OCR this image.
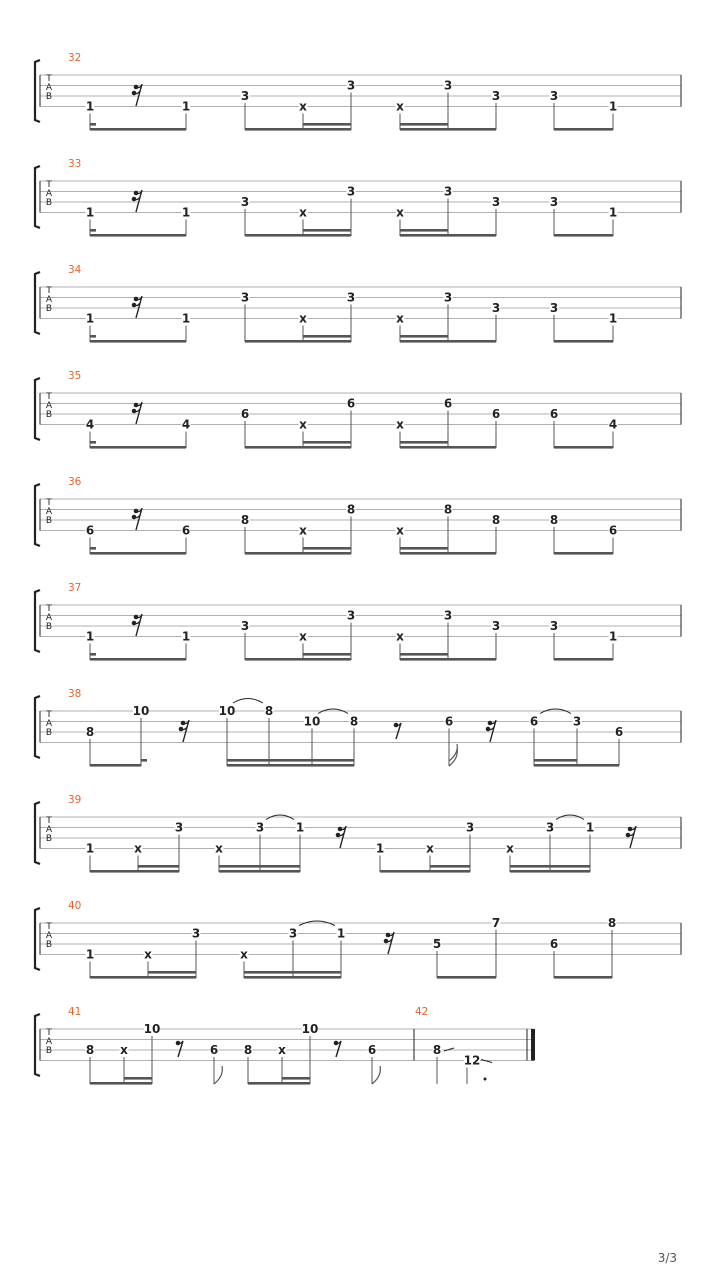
T
A
B
32
1	1
3
x
3
x
3
3	3
1
T
A
B
33
1	1
3
x
3
x
3
3	3
1
T
A
B
34
1	1
3
x
3
x
3
3	3
1
T
A
B
35
4	4
6
x
6
x
6
6	6
4
T
A
B
36
6	6
8
x
8
x
8
8	8
6
T
A
B
37
1	1
3
x
3
x
3
3	3
1
T
A
B
38
8
10	10 8
10 8	6	6	3
6
T
A
B
39
1	x
3
x
3	1
1	x
3
x
3	1
T
A
B
40
1	x
3
x
3	1
5
7
6
8
T
A
B
41
8 x
10
6 8 x
10
6
42
8
12
3/3
